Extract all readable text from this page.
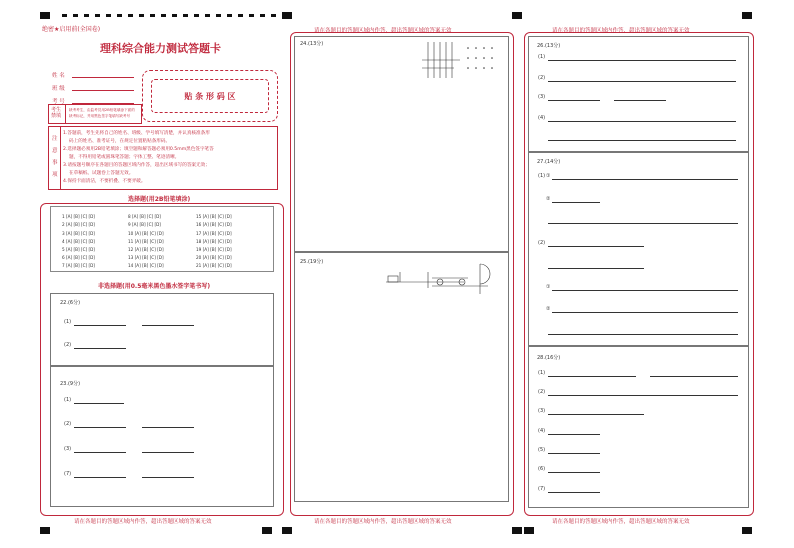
绝密★启用前(全国卷)
理科综合能力测试答题卡
姓 名
班 级
考 号
贴 条 形 码 区
考生禁填
缺考考生，由监考员用2B铅笔填涂下面的
缺考标记，并用黑色签字笔填写缺考号
注意事项
1.答题前，考生先将自己的姓名、班级、学号填写清楚，并认真核准条形
码上的姓名、准考证号，在规定位置粘贴条形码。
2.选择题必须用2B铅笔填涂；填空题和解答题必须用0.5mm黑色签字笔答
题，不得用铅笔或圆珠笔答题；字体工整、笔迹清晰。
3.请按题号顺序在各题目的答题区域内作答，超出区域书写的答案无效；
在草稿纸、试题卷上答题无效。
4.保持卡面清洁，不要折叠、不要弄破。
选择题(用2B铅笔填涂)
1 [A] [B] [C] [D]	8 [A] [B] [C] [D]	15 [A] [B] [C] [D]
2 [A] [B] [C] [D]	9 [A] [B] [C] [D]	16 [A] [B] [C] [D]
3 [A] [B] [C] [D]	10 [A] [B] [C] [D]	17 [A] [B] [C] [D]
4 [A] [B] [C] [D]	11 [A] [B] [C] [D]	18 [A] [B] [C] [D]
5 [A] [B] [C] [D]	12 [A] [B] [C] [D]	19 [A] [B] [C] [D]
6 [A] [B] [C] [D]	13 [A] [B] [C] [D]	20 [A] [B] [C] [D]
7 [A] [B] [C] [D]	14 [A] [B] [C] [D]	21 [A] [B] [C] [D]
非选择题(用0.5毫米黑色墨水签字笔书写)
22.(6分)
(1)
(2)
23.(9分)
(1)
(2)
(3)
(7)
请在各题目的答题区域内作答，超出答题区域的答案无效
请在各题目的答题区域内作答，超出答题区域的答案无效
24.(13分)
25.(19分)
请在各题目的答题区域内作答，超出答题区域的答案无效
请在各题目的答题区域内作答，超出答题区域的答案无效
26.(13分)
(1)
(2)
(3)
(4)
27.(14分)
(1) ①
②
(2)
①
②
28.(16分)
(1)
(2)
(3)
(4)
(5)
(6)
(7)
请在各题目的答题区域内作答，超出答题区域的答案无效
